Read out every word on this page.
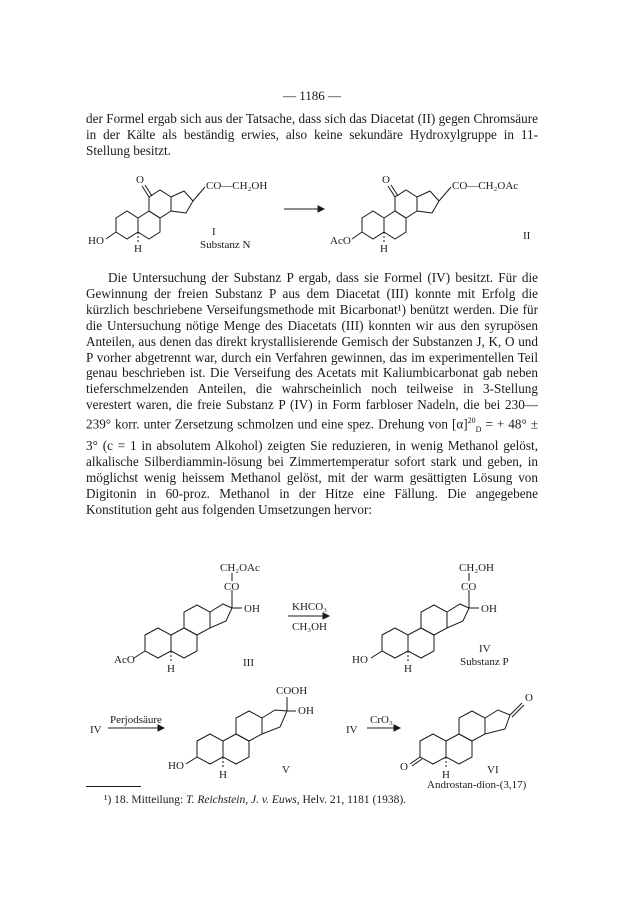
— 1186 —

der Formel ergab sich aus der Tatsache, dass sich das Diacetat (II) gegen Chromsäure in der Kälte als beständig erwies, also keine sekundäre Hydroxylgruppe in 11-Stellung besitzt.

O	CO—CH₂OH
HO
H
I
Substanz N
O	CO—CH₂OAc
AcO
H
II

Die Untersuchung der Substanz P ergab, dass sie Formel (IV) besitzt. Für die Gewinnung der freien Substanz P aus dem Diacetat (III) konnte mit Erfolg die kürzlich beschriebene Verseifungsmethode mit Bicarbonat¹) benützt werden. Die für die Untersuchung nötige Menge des Diacetats (III) konnten wir aus den syrupösen Anteilen, aus denen das direkt krystallisierende Gemisch der Substanzen J, K, O und P vorher abgetrennt war, durch ein Verfahren gewinnen, das im experimentellen Teil genau beschrieben ist. Die Verseifung des Acetats mit Kaliumbicarbonat gab neben tieferschmelzenden Anteilen, die wahrscheinlich noch teilweise in 3-Stellung verestert waren, die freie Substanz P (IV) in Form farbloser Nadeln, die bei 230—239° korr. unter Zersetzung schmolzen und eine spez. Drehung von $[\alpha]^{20}_D$ = + 48° ± 3° (c = 1 in absolutem Alkohol) zeigten Sie reduzieren, in wenig Methanol gelöst, alkalische Silberdiammin-lösung bei Zimmertemperatur sofort stark und geben, in möglichst wenig heissem Methanol gelöst, mit der warm gesättigten Lösung von Digitonin in 60-proz. Methanol in der Hitze eine Fällung. Die angegebene Konstitution geht aus folgenden Umsetzungen hervor:

CH₂OAc
CO
OH
AcO
H	III
KHCO₃
CH₃OH
CH₂OH
CO
OH
HO
H
IV
Substanz P
IV
Perjodsäure
COOH
OH
HO
H	V
IV
CrO₃
O
O
H	VI
Androstan-dion-(3,17)
¹) 18. Mitteilung: T. Reichstein, J. v. Euws, Helv. 21, 1181 (1938).
